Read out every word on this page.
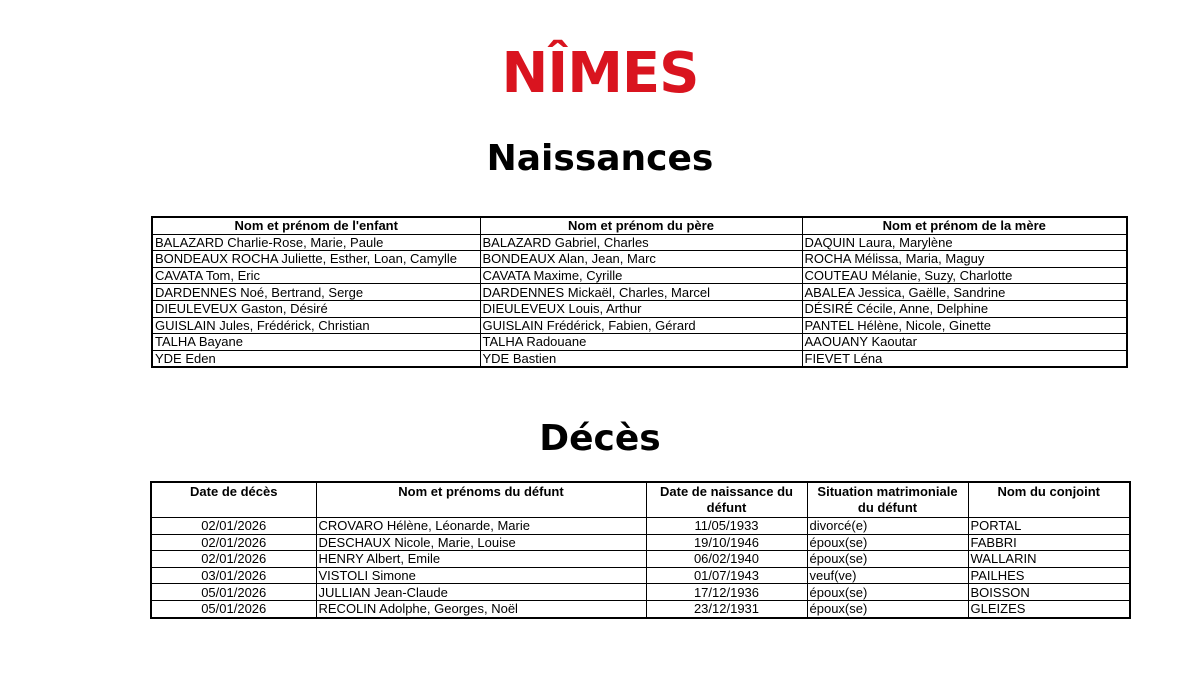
NÎMES
Naissances
Nom et prénom de l'enfant	Nom et prénom du père	Nom et prénom de la mère
BALAZARD Charlie-Rose, Marie, Paule	BALAZARD Gabriel, Charles	DAQUIN Laura, Marylène
BONDEAUX ROCHA Juliette, Esther, Loan, Camylle	BONDEAUX Alan, Jean, Marc	ROCHA Mélissa, Maria, Maguy
CAVATA Tom, Eric	CAVATA Maxime, Cyrille	COUTEAU Mélanie, Suzy, Charlotte
DARDENNES Noé, Bertrand, Serge	DARDENNES Mickaël, Charles, Marcel	ABALEA Jessica, Gaëlle, Sandrine
DIEULEVEUX Gaston, Désiré	DIEULEVEUX Louis, Arthur	DÉSIRÉ Cécile, Anne, Delphine
GUISLAIN Jules, Frédérick, Christian	GUISLAIN Frédérick, Fabien, Gérard	PANTEL Hélène, Nicole, Ginette
TALHA Bayane	TALHA Radouane	AAOUANY Kaoutar
YDE Eden	YDE Bastien	FIEVET Léna
Décès
Date de décès	Nom et prénoms du défunt	Date de naissance du défunt	Situation matrimoniale du défunt	Nom du conjoint
02/01/2026	CROVARO Hélène, Léonarde, Marie	11/05/1933	divorcé(e)	PORTAL
02/01/2026	DESCHAUX Nicole, Marie, Louise	19/10/1946	époux(se)	FABBRI
02/01/2026	HENRY Albert, Emile	06/02/1940	époux(se)	WALLARIN
03/01/2026	VISTOLI Simone	01/07/1943	veuf(ve)	PAILHES
05/01/2026	JULLIAN Jean-Claude	17/12/1936	époux(se)	BOISSON
05/01/2026	RECOLIN Adolphe, Georges, Noël	23/12/1931	époux(se)	GLEIZES
